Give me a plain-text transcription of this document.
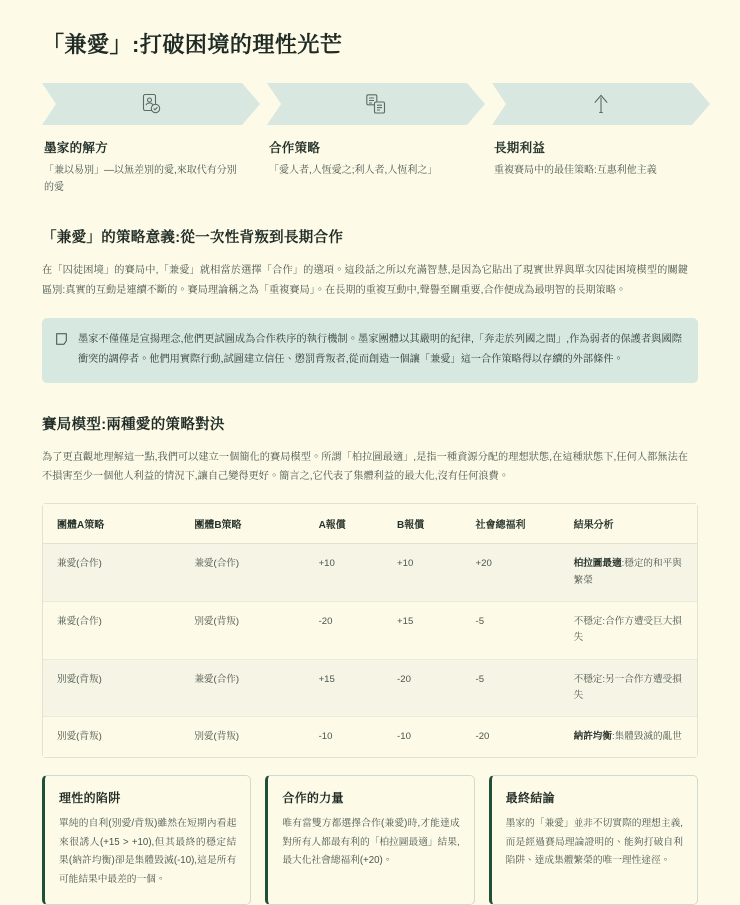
「兼愛」:打破困境的理性光芒
墨家的解方
「兼以易別」—以無差別的愛,來取代有分別的愛
合作策略
「愛人者,人恆愛之;利人者,人恆利之」
長期利益
重複賽局中的最佳策略:互惠利他主義
「兼愛」的策略意義:從一次性背叛到長期合作

在「囚徒困境」的賽局中,「兼愛」就相當於選擇「合作」的選項。這段話之所以充滿智慧,是因為它貼出了現實世界與單次囚徒困境模型的關鍵區別:真實的互動是連續不斷的。賽局理論稱之為「重複賽局」。在長期的重複互動中,聲譽至關重要,合作便成為最明智的長期策略。

墨家不僅僅是宣揚理念,他們更試圖成為合作秩序的執行機制。墨家團體以其嚴明的紀律,「奔走於列國之間」,作為弱者的保護者與國際衝突的調停者。他們用實際行動,試圖建立信任、懲罰背叛者,從而創造一個讓「兼愛」這一合作策略得以存續的外部條件。
賽局模型:兩種愛的策略對決

為了更直觀地理解這一點,我們可以建立一個簡化的賽局模型。所謂「柏拉圖最適」,是指一種資源分配的理想狀態,在這種狀態下,任何人都無法在不損害至少一個他人利益的情況下,讓自己變得更好。簡言之,它代表了集體利益的最大化,沒有任何浪費。

團體A策略	團體B策略	A報償	B報償	社會總福利	結果分析
兼愛(合作)	兼愛(合作)	+10	+10	+20	柏拉圖最適:穩定的和平與繁榮
兼愛(合作)	別愛(背叛)	-20	+15	-5	不穩定:合作方遭受巨大損失
別愛(背叛)	兼愛(合作)	+15	-20	-5	不穩定:另一合作方遭受損失
別愛(背叛)	別愛(背叛)	-10	-10	-20	納許均衡:集體毀滅的亂世
理性的陷阱
單純的自利(別愛/背叛)雖然在短期內看起來很誘人(+15 > +10),但其最終的穩定結果(納許均衡)卻是集體毀滅(-10),這是所有可能結果中最差的一個。
合作的力量
唯有當雙方都選擇合作(兼愛)時,才能達成對所有人都最有利的「柏拉圖最適」結果,最大化社會總福利(+20)。
最終結論
墨家的「兼愛」並非不切實際的理想主義,而是經過賽局理論證明的、能夠打破自利陷阱、達成集體繁榮的唯一理性途徑。
